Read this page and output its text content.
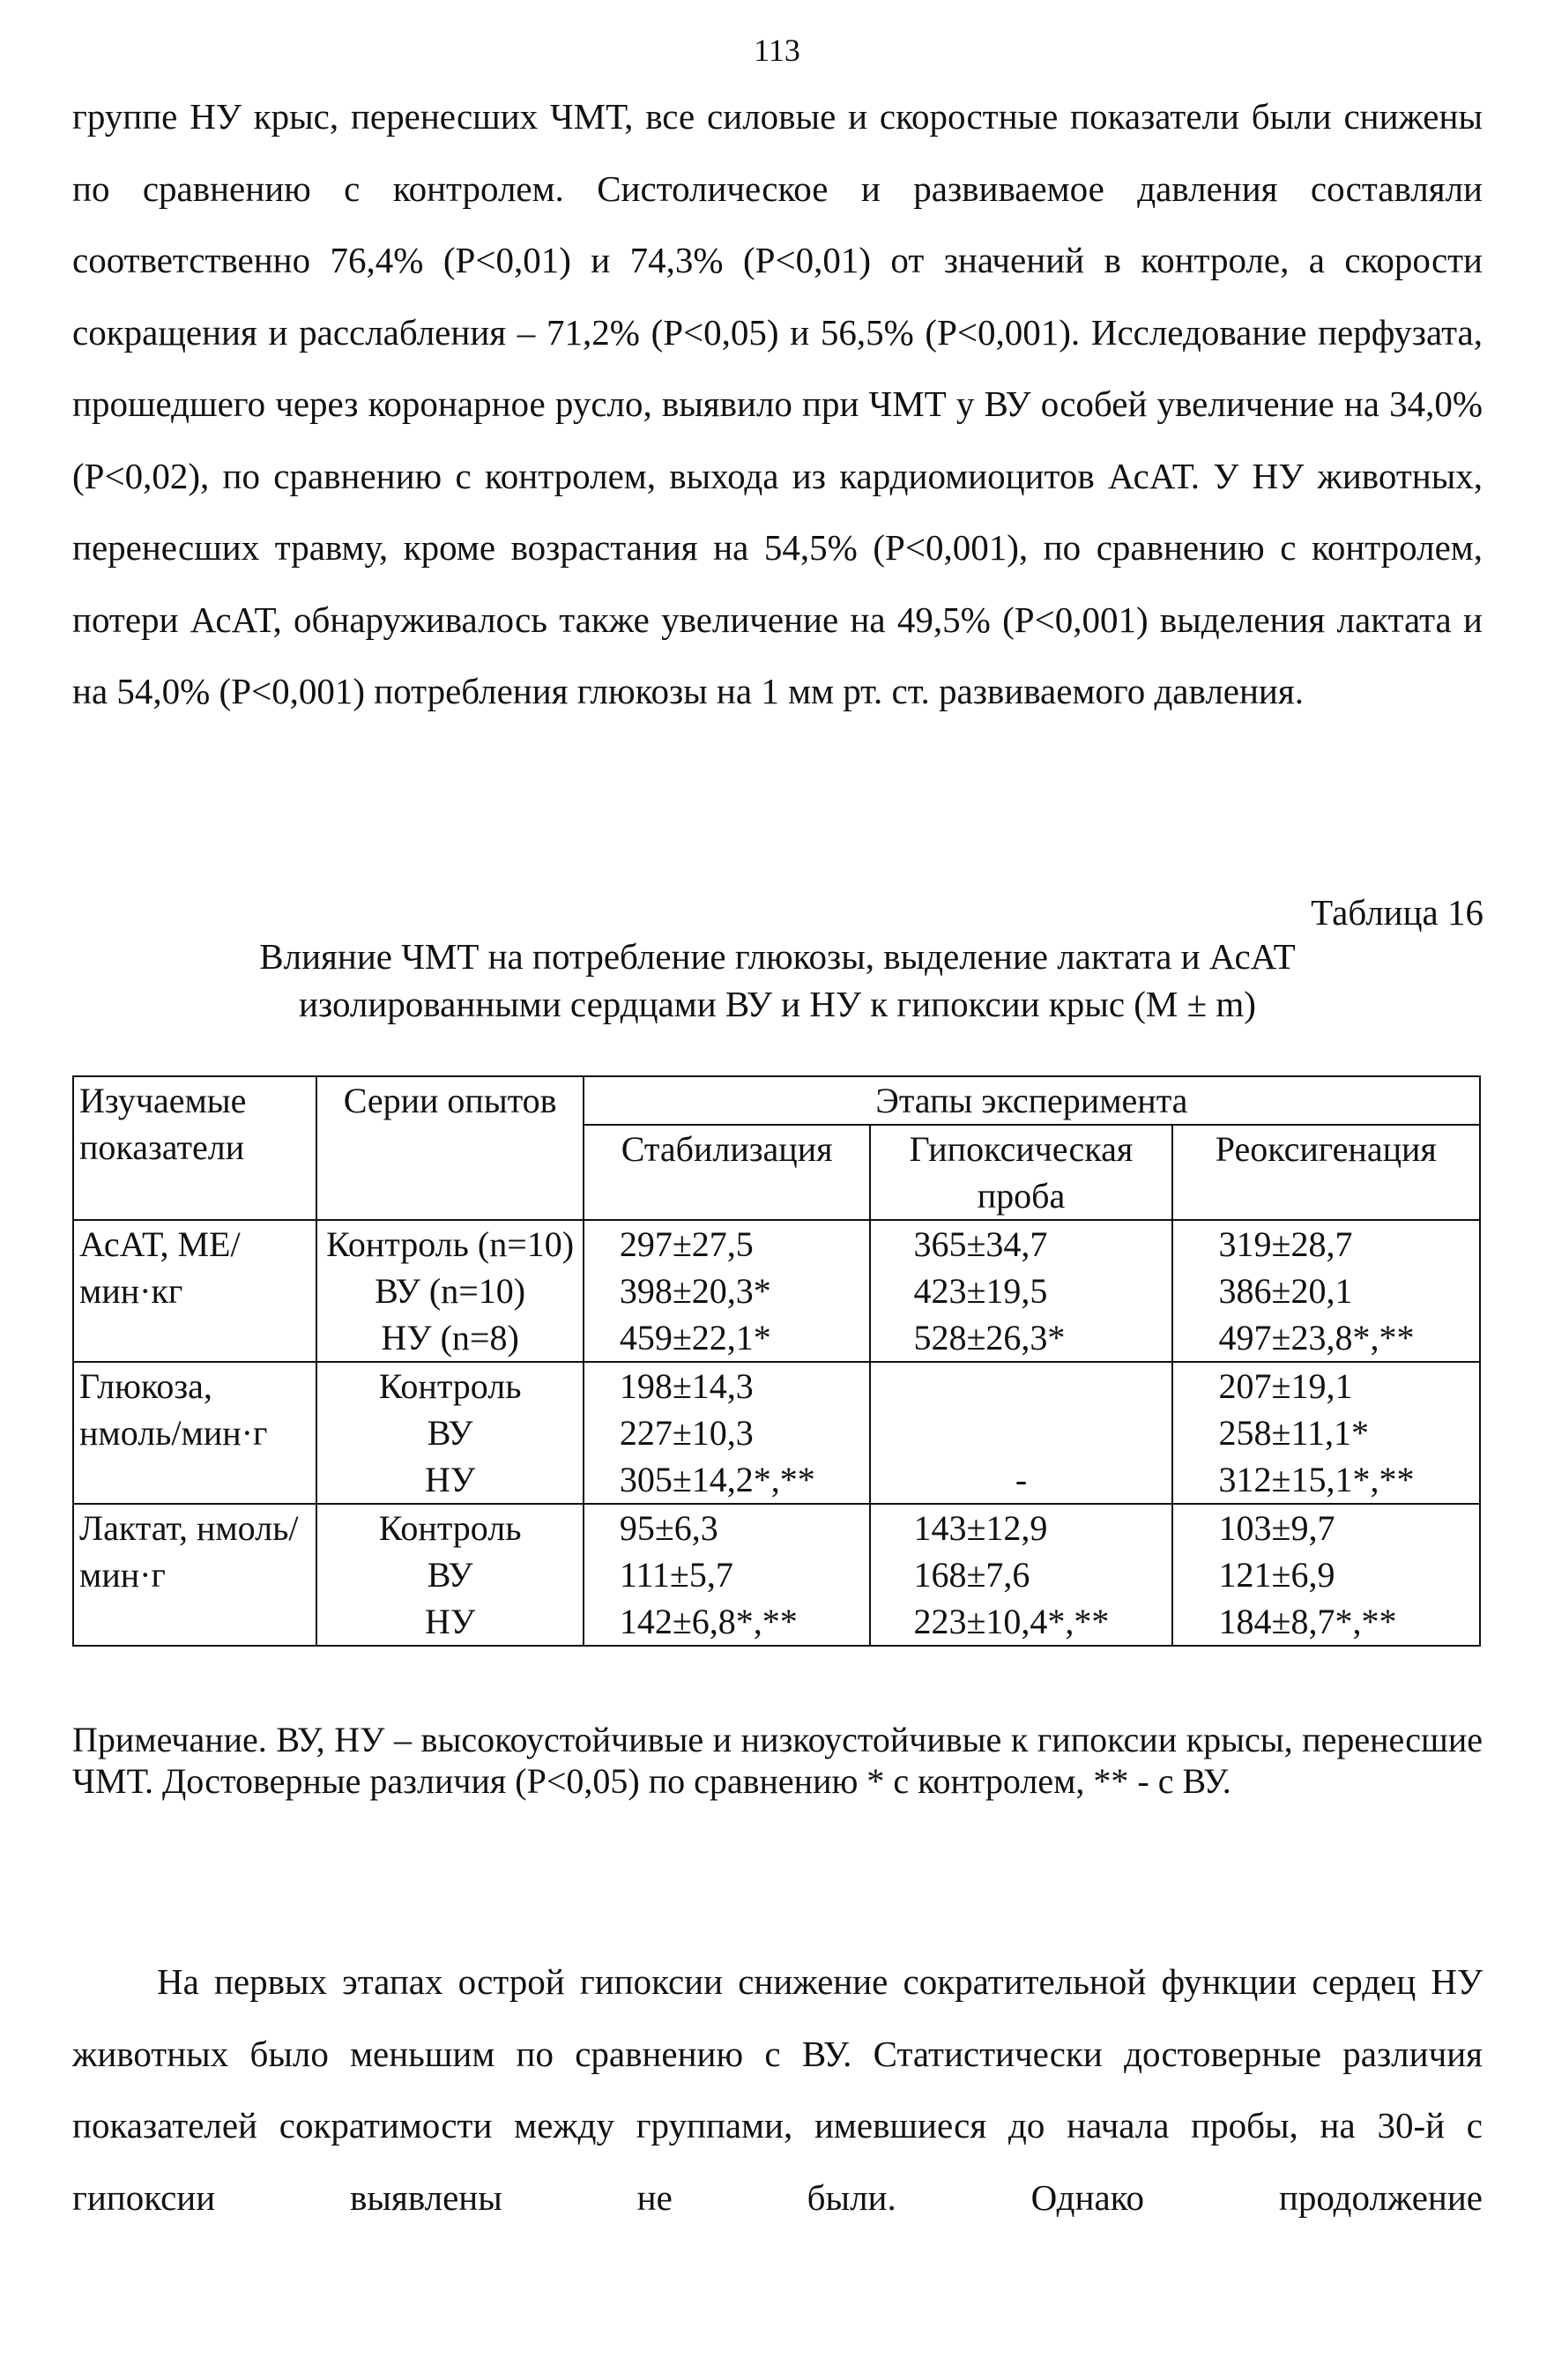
113

группе НУ крыс, перенесших ЧМТ, все силовые и скоростные показатели были снижены по сравнению с контролем. Систолическое и развиваемое давления составляли соответственно 76,4% (Р<0,01) и 74,3% (Р<0,01) от значений в контроле, а скорости сокращения и расслабления – 71,2% (Р<0,05) и 56,5% (Р<0,001). Исследование перфузата, прошедшего через коронарное русло, выявило при ЧМТ у ВУ особей увеличение на 34,0% (Р<0,02), по сравнению с контролем, выхода из кардиомиоцитов АсАТ. У НУ животных, перенесших травму, кроме возрастания на 54,5% (Р<0,001), по сравнению с контролем, потери АсАТ, обнаруживалось также увеличение на 49,5% (Р<0,001) выделения лактата и на 54,0% (Р<0,001) потребления глюкозы на 1 мм рт. ст. развиваемого давления.

Таблица 16
Влияние ЧМТ на потребление глюкозы, выделение лактата и АсАТ
изолированными сердцами ВУ и НУ к гипоксии крыс (M ± m)
Изучаемые показатели	Серии опытов	Этапы эксперимента		
		Стабилизация	Гипоксическая проба	Реоксигенация
АсАТ, МЕ/мин·кг	Контроль (n=10)	297±27,5	365±34,7	319±28,7
	ВУ (n=10)	398±20,3*	423±19,5	386±20,1
	НУ (n=8)	459±22,1*	528±26,3*	497±23,8*,**
Глюкоза, нмоль/мин·г	Контроль	198±14,3	-	207±19,1
	ВУ	227±10,3		258±11,1*
	НУ	305±14,2*,**		312±15,1*,**
Лактат, нмоль/мин·г	Контроль	95±6,3	143±12,9	103±9,7
	ВУ	111±5,7	168±7,6	121±6,9
	НУ	142±6,8*,**	223±10,4*,**	184±8,7*,**

Примечание. ВУ, НУ – высокоустойчивые и низкоустойчивые к гипоксии крысы, перенесшие ЧМТ. Достоверные различия (Р<0,05) по сравнению * с контролем, ** - с ВУ.

На первых этапах острой гипоксии снижение сократительной функции сердец НУ животных было меньшим по сравнению с ВУ. Статистически достоверные различия показателей сократимости между группами, имевшиеся до начала пробы, на 30-й с гипоксии выявлены не были. Однако продолжение
